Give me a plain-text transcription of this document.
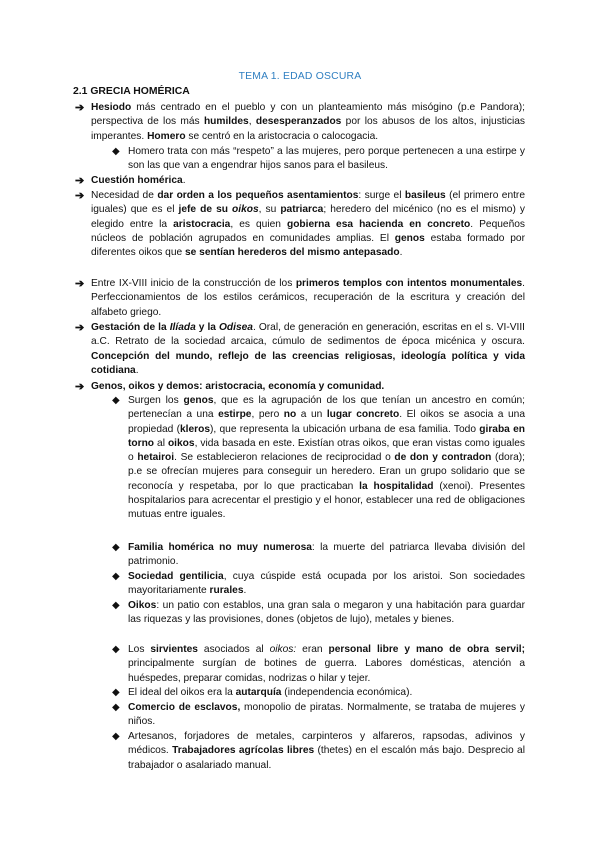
TEMA 1. EDAD OSCURA
2.1 GRECIA HOMÉRICA
➔ Hesiodo más centrado en el pueblo y con un planteamiento más misógino (p.e Pandora); perspectiva de los más humildes, desesperanzados por los abusos de los altos, injusticias imperantes. Homero se centró en la aristocracia o calocogacia.
◆ Homero trata con más “respeto” a las mujeres, pero porque pertenecen a una estirpe y son las que van a engendrar hijos sanos para el basileus.
➔ Cuestión homérica.
➔ Necesidad de dar orden a los pequeños asentamientos: surge el basileus (el primero entre iguales) que es el jefe de su oikos, su patriarca; heredero del micénico (no es el mismo) y elegido entre la aristocracia, es quien gobierna esa hacienda en concreto. Pequeños núcleos de población agrupados en comunidades amplias. El genos estaba formado por diferentes oikos que se sentían herederos del mismo antepasado.
➔ Entre IX-VIII inicio de la construcción de los primeros templos con intentos monumentales. Perfeccionamientos de los estilos cerámicos, recuperación de la escritura y creación del alfabeto griego.
➔ Gestación de la Ilíada y la Odisea. Oral, de generación en generación, escritas en el s. VI-VIII a.C. Retrato de la sociedad arcaica, cúmulo de sedimentos de época micénica y oscura. Concepción del mundo, reflejo de las creencias religiosas, ideología política y vida cotidiana.
➔ Genos, oikos y demos: aristocracia, economía y comunidad.
◆ Surgen los genos, que es la agrupación de los que tenían un ancestro en común; pertenecían a una estirpe, pero no a un lugar concreto. El oikos se asocia a una propiedad (kleros), que representa la ubicación urbana de esa familia. Todo giraba en torno al oikos, vida basada en este. Existían otras oikos, que eran vistas como iguales o hetairoi. Se establecieron relaciones de reciprocidad o de don y contradon (dora); p.e se ofrecían mujeres para conseguir un heredero. Eran un grupo solidario que se reconocía y respetaba, por lo que practicaban la hospitalidad (xenoi). Presentes hospitalarios para acrecentar el prestigio y el honor, establecer una red de obligaciones mutuas entre iguales.
◆ Familia homérica no muy numerosa: la muerte del patriarca llevaba división del patrimonio.
◆ Sociedad gentilicia, cuya cúspide está ocupada por los aristoi. Son sociedades mayoritariamente rurales.
◆ Oikos: un patio con establos, una gran sala o megaron y una habitación para guardar las riquezas y las provisiones, dones (objetos de lujo), metales y bienes.
◆ Los sirvientes asociados al oikos: eran personal libre y mano de obra servil; principalmente surgían de botines de guerra. Labores domésticas, atención a huéspedes, preparar comidas, nodrizas o hilar y tejer.
◆ El ideal del oikos era la autarquía (independencia económica).
◆ Comercio de esclavos, monopolio de piratas. Normalmente, se trataba de mujeres y niños.
◆ Artesanos, forjadores de metales, carpinteros y alfareros, rapsodas, adivinos y médicos. Trabajadores agrícolas libres (thetes) en el escalón más bajo. Desprecio al trabajador o asalariado manual.
